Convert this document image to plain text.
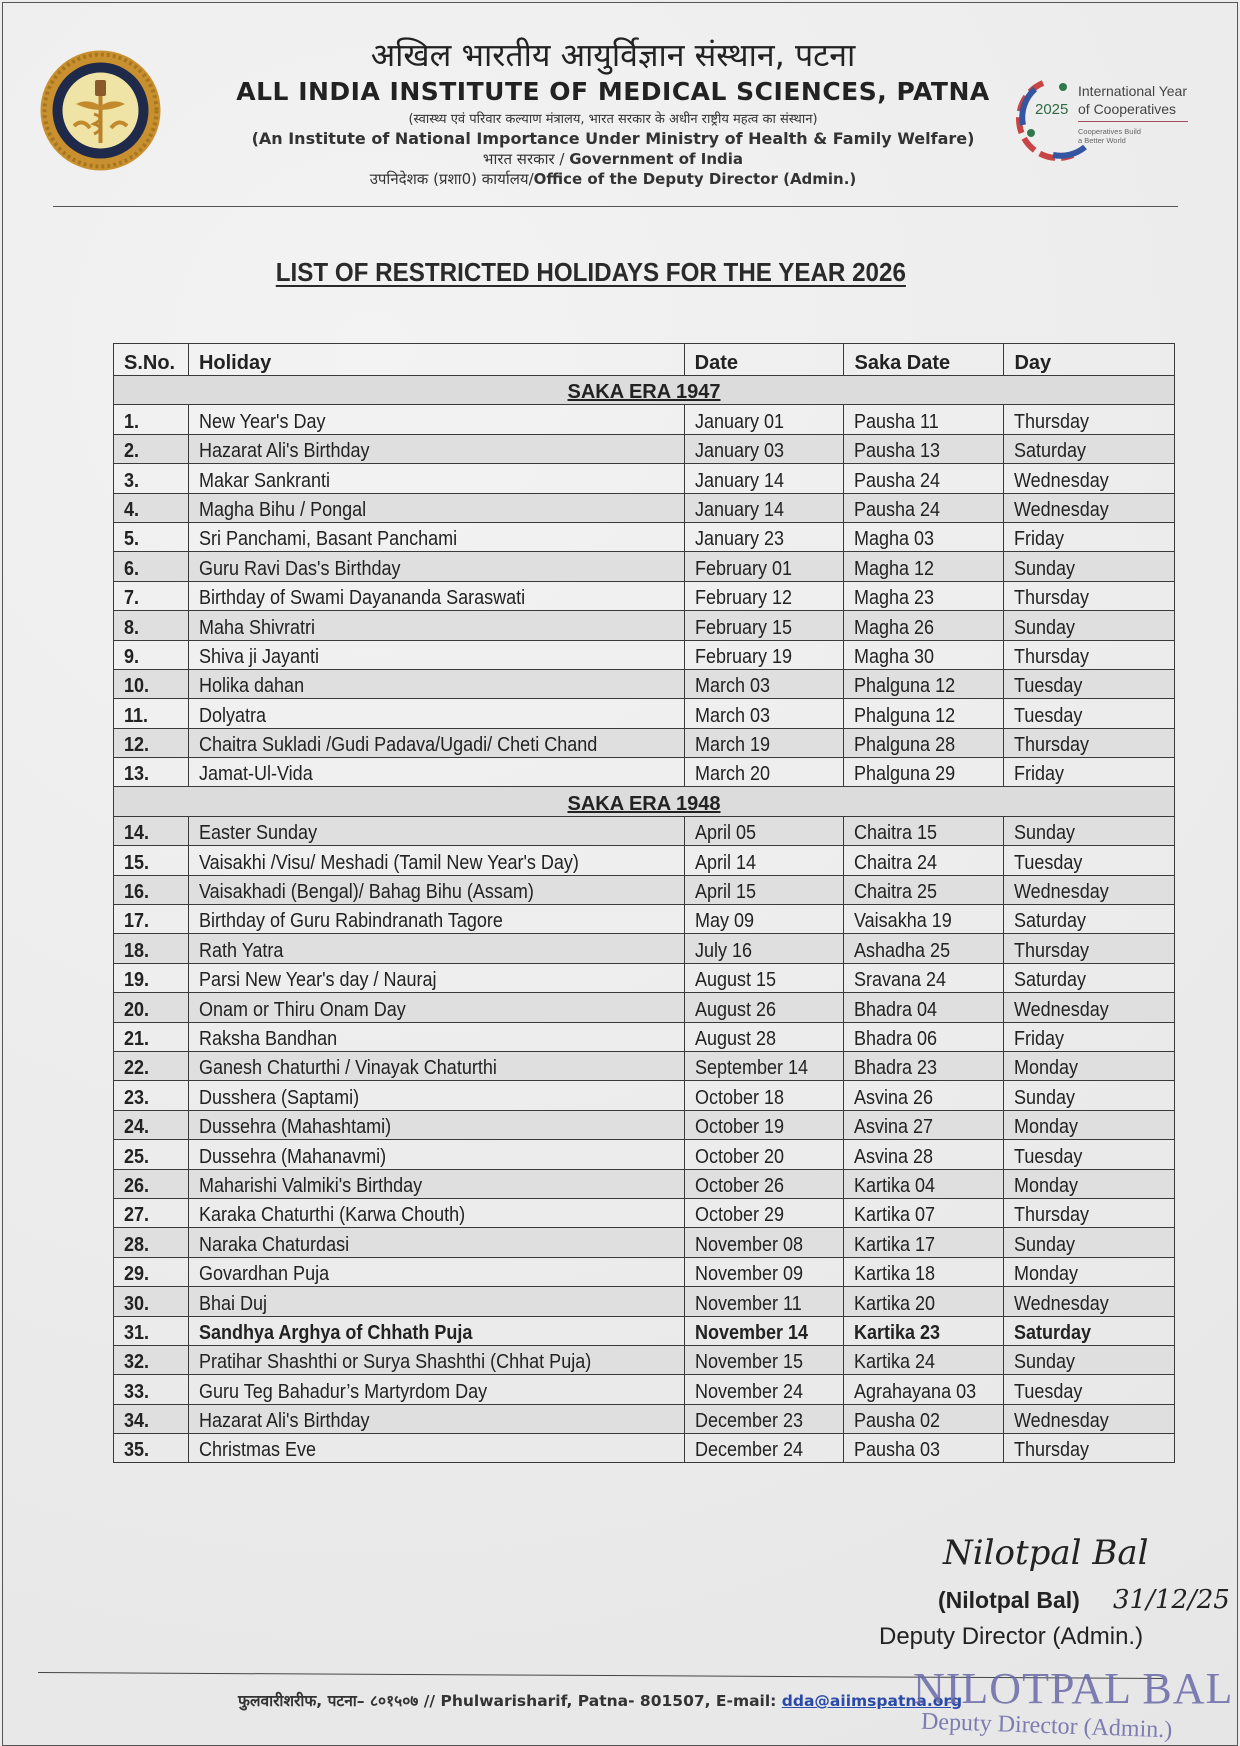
2025
International Year
of Cooperatives
Cooperatives Build
a Better World
अखिल भारतीय आयुर्विज्ञान संस्थान, पटना
ALL INDIA INSTITUTE OF MEDICAL SCIENCES, PATNA
(स्वास्थ्य एवं परिवार कल्याण मंत्रालय, भारत सरकार के अधीन राष्ट्रीय महत्व का संस्थान)
(An Institute of National Importance Under Ministry of Health & Family Welfare)
भारत सरकार / Government of India
उपनिदेशक (प्रशा0) कार्यालय/Office of the Deputy Director (Admin.)
LIST OF RESTRICTED HOLIDAYS FOR THE YEAR 2026
S.No.	Holiday	Date	Saka Date	Day
SAKA ERA 1947				
1.	New Year's Day	January 01	Pausha 11	Thursday
2.	Hazarat Ali's Birthday	January 03	Pausha 13	Saturday
3.	Makar Sankranti	January 14	Pausha 24	Wednesday
4.	Magha Bihu / Pongal	January 14	Pausha 24	Wednesday
5.	Sri Panchami, Basant Panchami	January 23	Magha 03	Friday
6.	Guru Ravi Das's Birthday	February 01	Magha 12	Sunday
7.	Birthday of Swami Dayananda Saraswati	February 12	Magha 23	Thursday
8.	Maha Shivratri	February 15	Magha 26	Sunday
9.	Shiva ji Jayanti	February 19	Magha 30	Thursday
10.	Holika dahan	March 03	Phalguna 12	Tuesday
11.	Dolyatra	March 03	Phalguna 12	Tuesday
12.	Chaitra Sukladi /Gudi Padava/Ugadi/ Cheti Chand	March 19	Phalguna 28	Thursday
13.	Jamat-Ul-Vida	March 20	Phalguna 29	Friday
SAKA ERA 1948				
14.	Easter Sunday	April 05	Chaitra 15	Sunday
15.	Vaisakhi /Visu/ Meshadi (Tamil New Year's Day)	April 14	Chaitra 24	Tuesday
16.	Vaisakhadi (Bengal)/ Bahag Bihu (Assam)	April 15	Chaitra 25	Wednesday
17.	Birthday of Guru Rabindranath Tagore	May 09	Vaisakha 19	Saturday
18.	Rath Yatra	July 16	Ashadha 25	Thursday
19.	Parsi New Year's day / Nauraj	August 15	Sravana 24	Saturday
20.	Onam or Thiru Onam Day	August 26	Bhadra 04	Wednesday
21.	Raksha Bandhan	August 28	Bhadra 06	Friday
22.	Ganesh Chaturthi / Vinayak Chaturthi	September 14	Bhadra 23	Monday
23.	Dusshera (Saptami)	October 18	Asvina 26	Sunday
24.	Dussehra (Mahashtami)	October 19	Asvina 27	Monday
25.	Dussehra (Mahanavmi)	October 20	Asvina 28	Tuesday
26.	Maharishi Valmiki's Birthday	October 26	Kartika 04	Monday
27.	Karaka Chaturthi (Karwa Chouth)	October 29	Kartika 07	Thursday
28.	Naraka Chaturdasi	November 08	Kartika 17	Sunday
29.	Govardhan Puja	November 09	Kartika 18	Monday
30.	Bhai Duj	November 11	Kartika 20	Wednesday
31.	Sandhya Arghya of Chhath Puja	November 14	Kartika 23	Saturday
32.	Pratihar Shashthi or Surya Shashthi (Chhat Puja)	November 15	Kartika 24	Sunday
33.	Guru Teg Bahadur’s Martyrdom Day	November 24	Agrahayana 03	Tuesday
34.	Hazarat Ali's Birthday	December 23	Pausha 02	Wednesday
35.	Christmas Eve	December 24	Pausha 03	Thursday
Nilotpal Bal
(Nilotpal Bal) 31/12/25
Deputy Director (Admin.)
फुलवारीशरीफ, पटना– ८०१५०७ // Phulwarisharif, Patna- 801507, E-mail: dda@aiimspatna.org
NILOTPAL BAL
Deputy Director (Admin.)
